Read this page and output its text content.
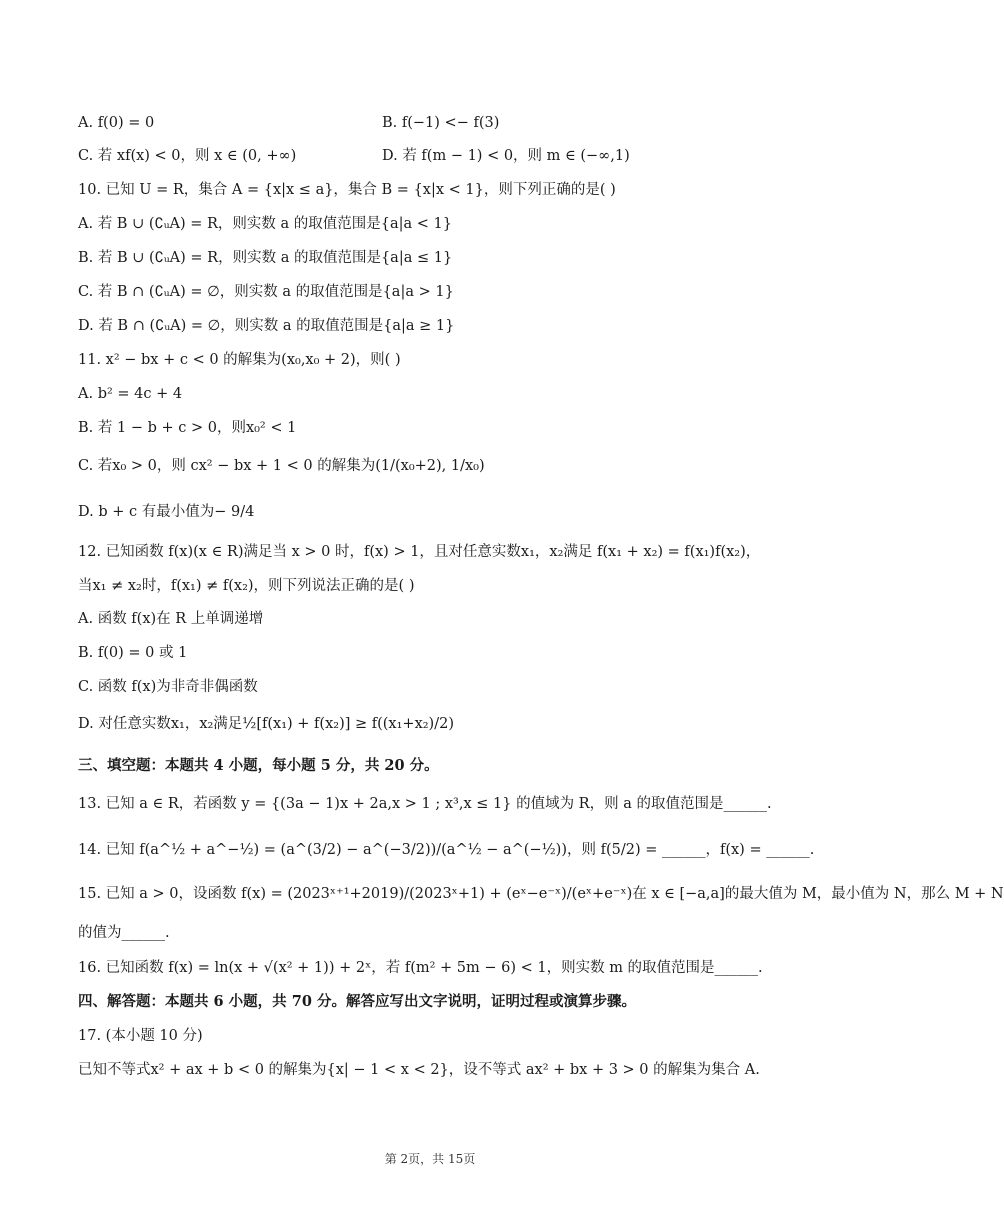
A. f(0) = 0	B. f(−1) <− f(3)
C. 若 xf(x) < 0，则 x ∈ (0, +∞)	D. 若 f(m − 1) < 0，则 m ∈ (−∞,1)
10. 已知 U = R，集合 A = {x|x ≤ a}，集合 B = {x|x < 1}，则下列正确的是( )
A. 若 B ∪ (∁ᵤA) = R，则实数 a 的取值范围是{a|a < 1}
B. 若 B ∪ (∁ᵤA) = R，则实数 a 的取值范围是{a|a ≤ 1}
C. 若 B ∩ (∁ᵤA) = ∅，则实数 a 的取值范围是{a|a > 1}
D. 若 B ∩ (∁ᵤA) = ∅，则实数 a 的取值范围是{a|a ≥ 1}
11. x² − bx + c < 0 的解集为(x₀,x₀ + 2)，则( )
A. b² = 4c + 4
B. 若 1 − b + c > 0，则x₀² < 1
C. 若x₀ > 0，则 cx² − bx + 1 < 0 的解集为(1/(x₀+2), 1/x₀)
D. b + c 有最小值为− 9/4
12. 已知函数 f(x)(x ∈ R)满足当 x > 0 时，f(x) > 1，且对任意实数x₁，x₂满足 f(x₁ + x₂) = f(x₁)f(x₂)，
当x₁ ≠ x₂时，f(x₁) ≠ f(x₂)，则下列说法正确的是( )
A. 函数 f(x)在 R 上单调递增
B. f(0) = 0 或 1
C. 函数 f(x)为非奇非偶函数
D. 对任意实数x₁，x₂满足½[f(x₁) + f(x₂)] ≥ f((x₁+x₂)/2)
三、填空题：本题共 4 小题，每小题 5 分，共 20 分。
13. 已知 a ∈ R，若函数 y = {(3a − 1)x + 2a,x > 1 ; x³,x ≤ 1} 的值域为 R，则 a 的取值范围是______.
14. 已知 f(a^½ + a^−½) = (a^(3/2) − a^(−3/2))/(a^½ − a^(−½))，则 f(5/2) = ______，f(x) = ______.
15. 已知 a > 0，设函数 f(x) = (2023ˣ⁺¹+2019)/(2023ˣ+1) + (eˣ−e⁻ˣ)/(eˣ+e⁻ˣ)在 x ∈ [−a,a]的最大值为 M，最小值为 N，那么 M + N
的值为______.
16. 已知函数 f(x) = ln(x + √(x² + 1)) + 2ˣ，若 f(m² + 5m − 6) < 1，则实数 m 的取值范围是______.
四、解答题：本题共 6 小题，共 70 分。解答应写出文字说明，证明过程或演算步骤。
17. (本小题 10 分)
已知不等式x² + ax + b < 0 的解集为{x| − 1 < x < 2}，设不等式 ax² + bx + 3 > 0 的解集为集合 A.
第 2页，共 15页
